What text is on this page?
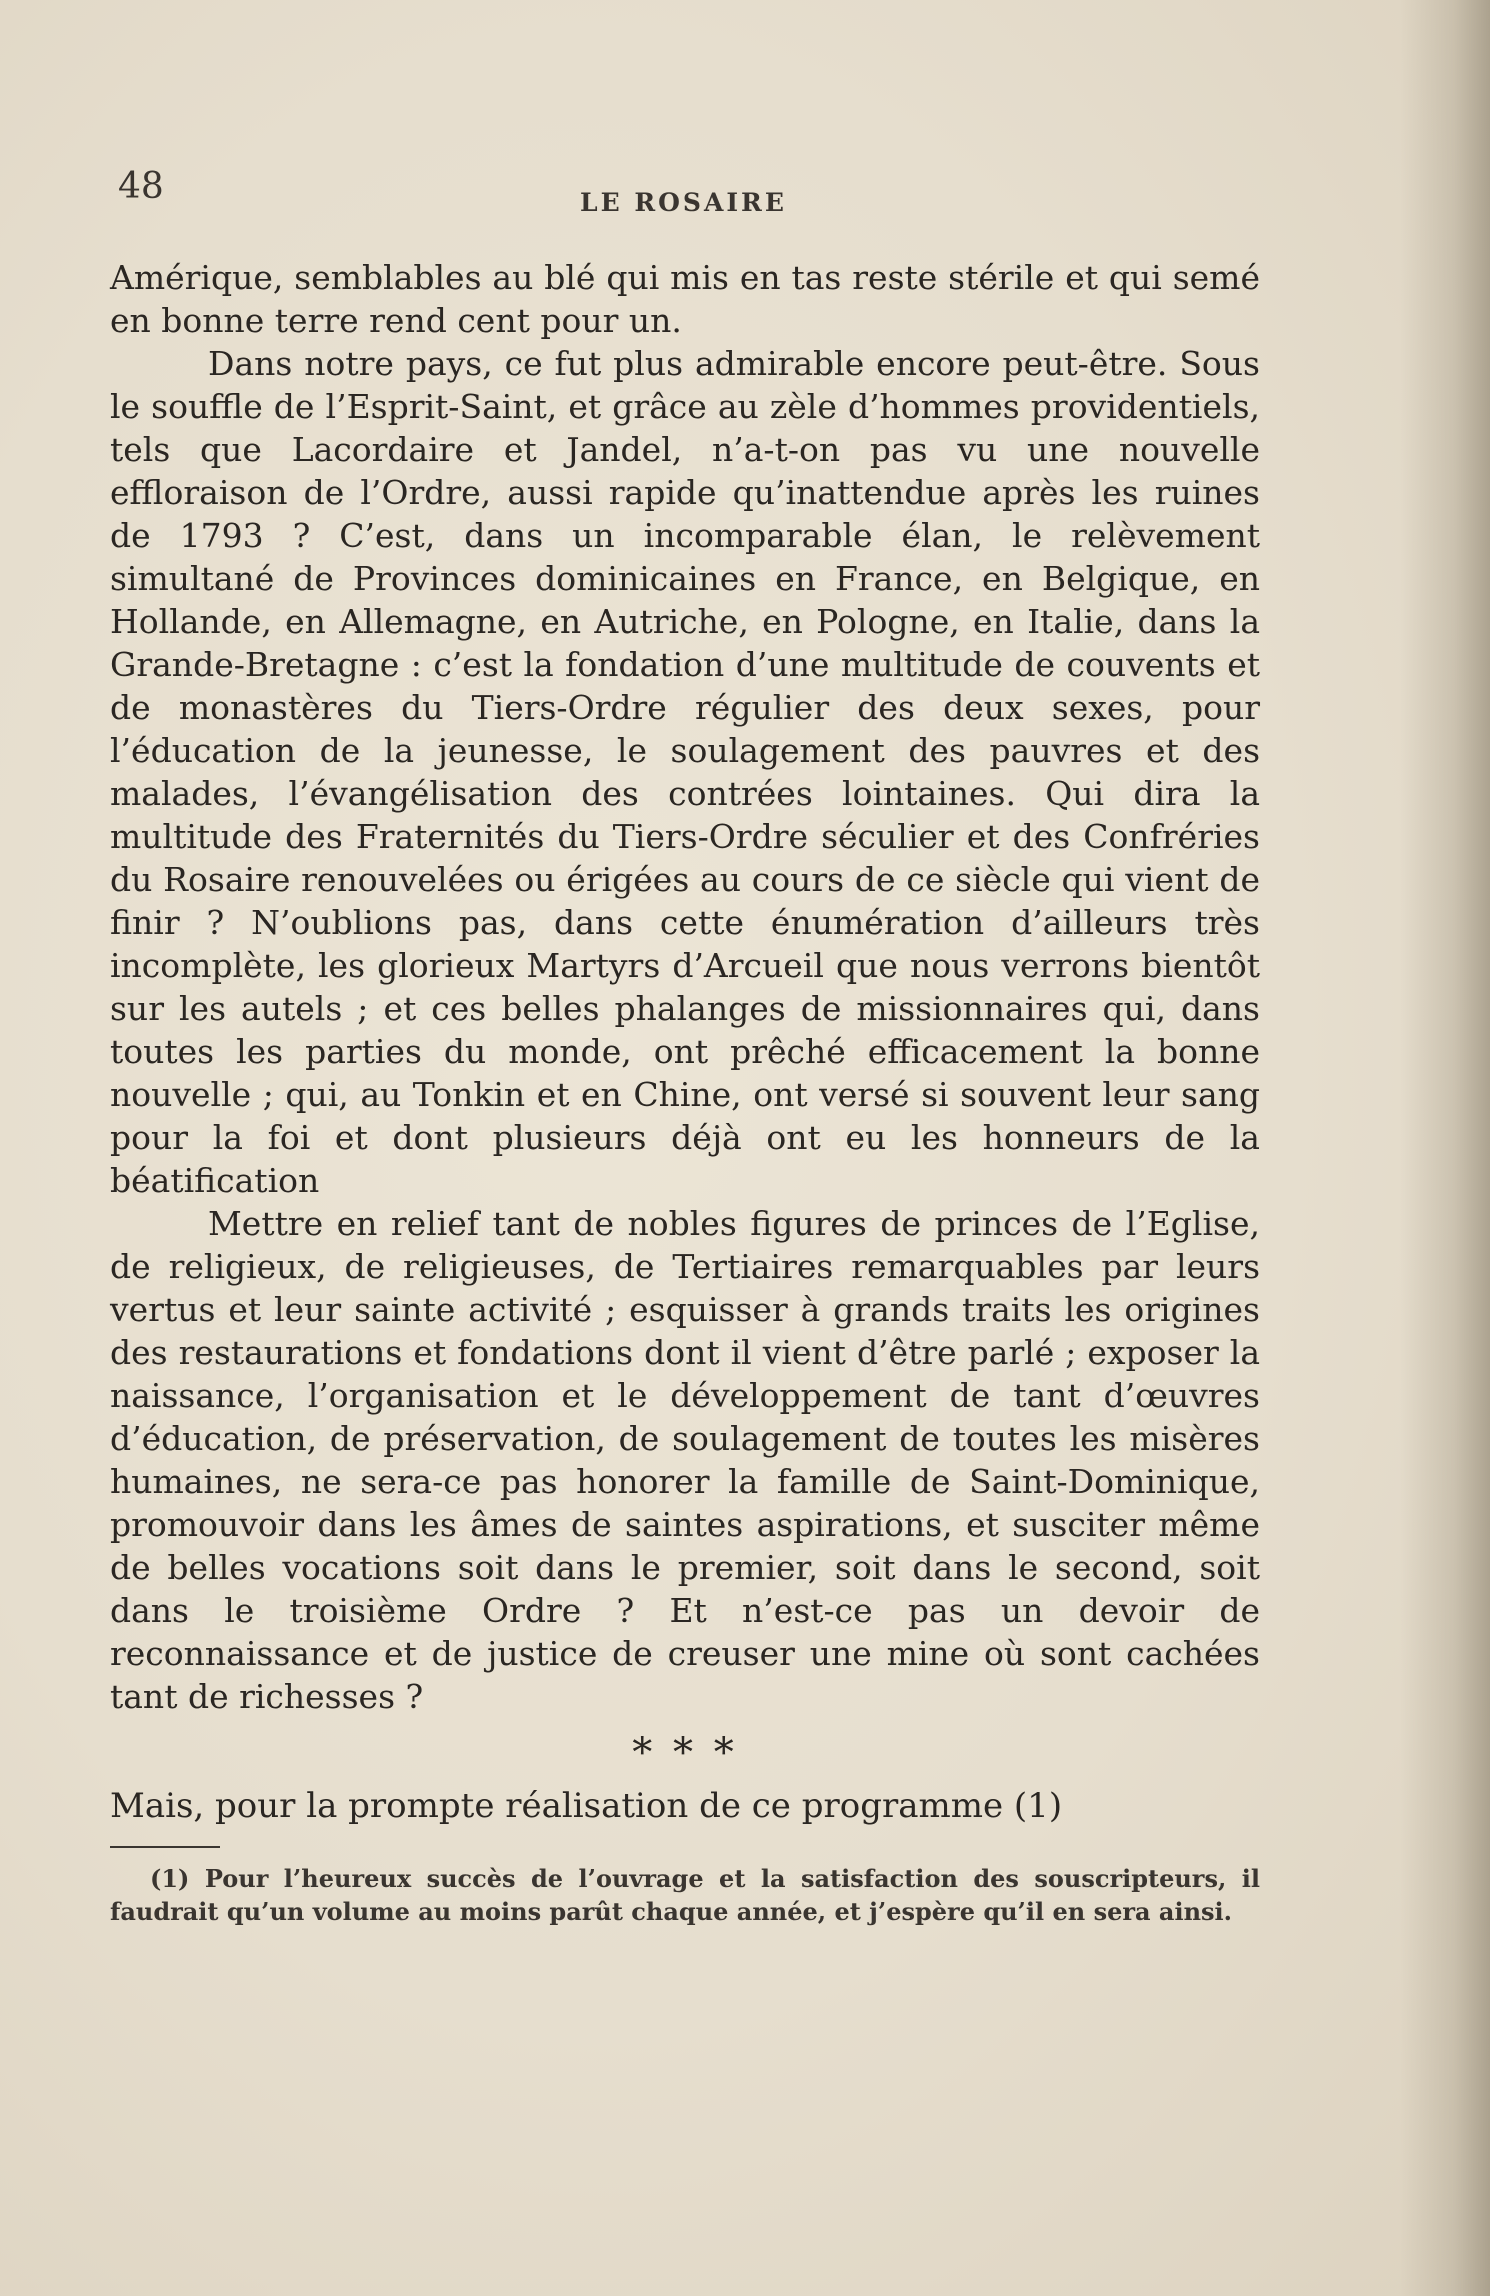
48	LE ROSAIRE

Amérique, semblables au blé qui mis en tas reste stérile et qui semé en bonne terre rend cent pour un.

Dans notre pays, ce fut plus admirable encore peut-être. Sous le souffle de l’Esprit-Saint, et grâce au zèle d’hommes providentiels, tels que Lacordaire et Jandel, n’a-t-on pas vu une nouvelle effloraison de l’Ordre, aussi rapide qu’inattendue après les ruines de 1793 ? C’est, dans un incomparable élan, le relèvement simultané de Provinces dominicaines en France, en Belgique, en Hollande, en Allemagne, en Autriche, en Pologne, en Italie, dans la Grande-Bretagne : c’est la fondation d’une multitude de couvents et de monastères du Tiers-Ordre régulier des deux sexes, pour l’éducation de la jeunesse, le soulagement des pauvres et des malades, l’évangélisation des contrées lointaines. Qui dira la multitude des Fraternités du Tiers-Ordre séculier et des Confréries du Rosaire renouvelées ou érigées au cours de ce siècle qui vient de finir ? N’oublions pas, dans cette énumération d’ailleurs très incomplète, les glorieux Martyrs d’Arcueil que nous verrons bientôt sur les autels ; et ces belles phalanges de missionnaires qui, dans toutes les parties du monde, ont prêché efficacement la bonne nouvelle ; qui, au Tonkin et en Chine, ont versé si souvent leur sang pour la foi et dont plusieurs déjà ont eu les honneurs de la béatification

Mettre en relief tant de nobles figures de princes de l’Eglise, de religieux, de religieuses, de Tertiaires remarquables par leurs vertus et leur sainte activité ; esquisser à grands traits les origines des restaurations et fondations dont il vient d’être parlé ; exposer la naissance, l’organisation et le développement de tant d’œuvres d’éducation, de préservation, de soulagement de toutes les misères humaines, ne sera-ce pas honorer la famille de Saint-Dominique, promouvoir dans les âmes de saintes aspirations, et susciter même de belles vocations soit dans le premier, soit dans le second, soit dans le troisième Ordre ? Et n’est-ce pas un devoir de reconnaissance et de justice de creuser une mine où sont cachées tant de richesses ?

* * *

Mais, pour la prompte réalisation de ce programme (1)

(1) Pour l’heureux succès de l’ouvrage et la satisfaction des souscripteurs, il faudrait qu’un volume au moins parût chaque année, et j’espère qu’il en sera ainsi.
